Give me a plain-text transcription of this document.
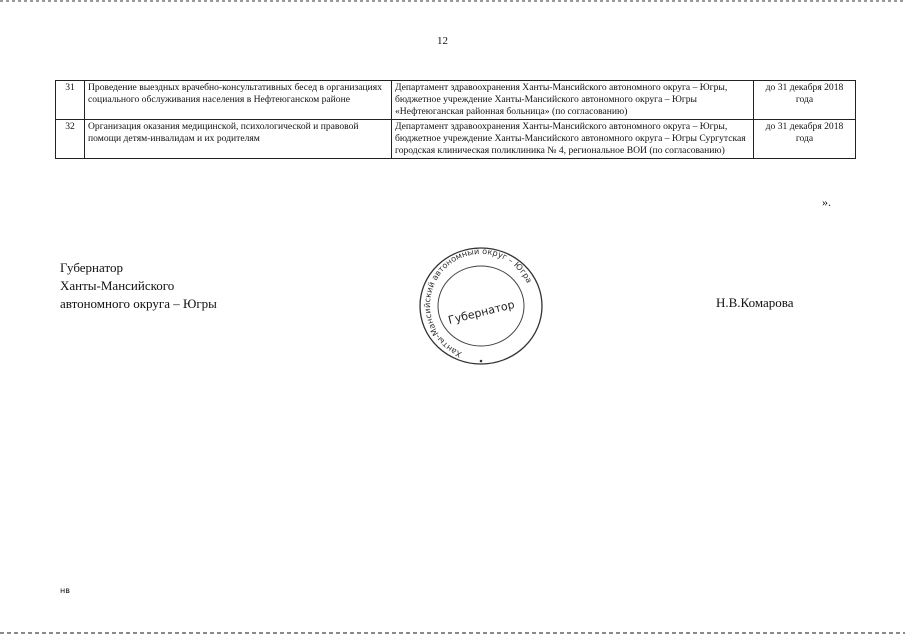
12
31	Проведение выездных врачебно-консультативных бесед в организациях социального обслуживания населения в Нефтеюганском районе	Департамент здравоохранения Ханты-Мансийского автономного округа – Югры, бюджетное учреждение Ханты-Мансийского автономного округа – Югры «Нефтеюганская районная больница» (по согласованию)	до 31 декабря 2018 года
32	Организация оказания медицинской, психологической и правовой помощи детям-инвалидам и их родителям	Департамент здравоохранения Ханты-Мансийского автономного округа – Югры, бюджетное учреждение Ханты-Мансийского автономного округа – Югры Сургутская городская клиническая поликлиника № 4, региональное ВОИ (по согласованию)	до 31 декабря 2018 года
».
Губернатор
Ханты-Мансийского
автономного округа – Югры
Ханты-Мансийский автономный округ – Югра
Губернатор	Н.В.Комарова
нв
